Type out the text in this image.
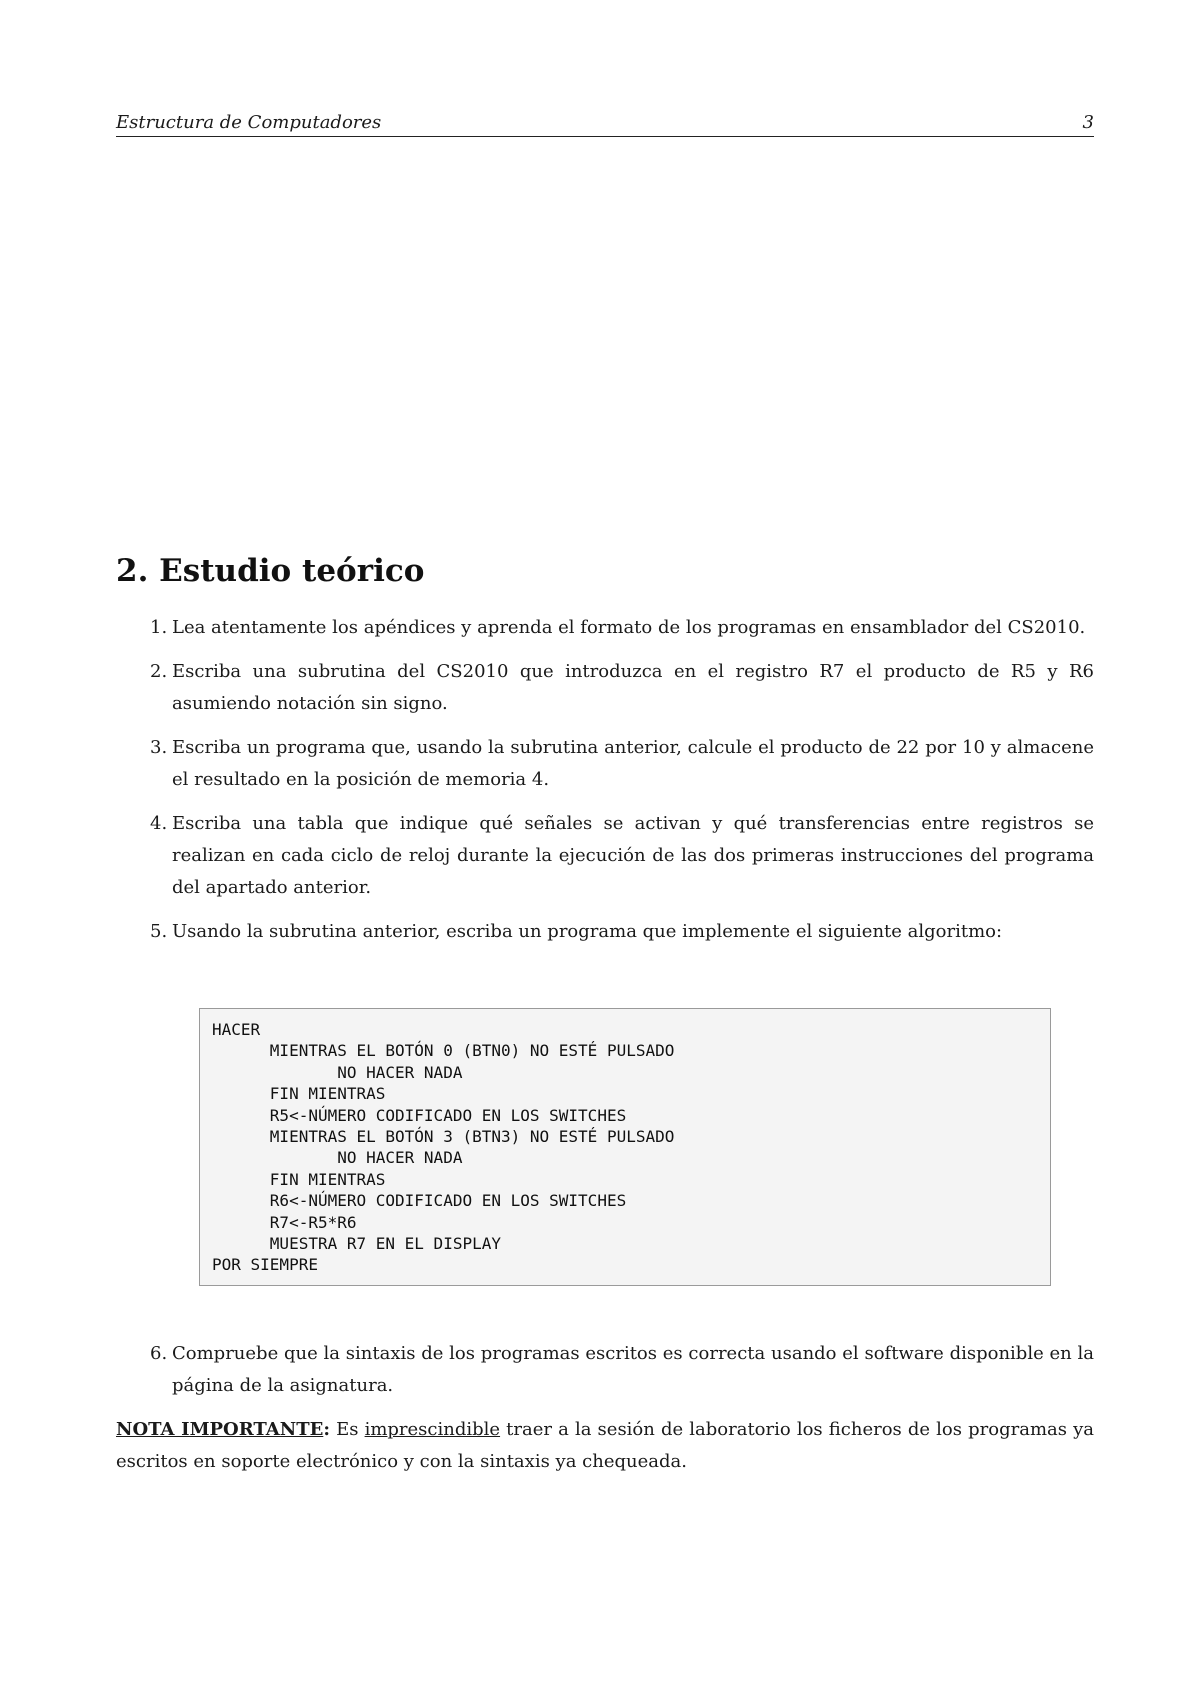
Estructura de Computadores	3
2. Estudio teórico
1. Lea atentamente los apéndices y aprenda el formato de los programas en ensamblador del CS2010.
2. Escriba una subrutina del CS2010 que introduzca en el registro R7 el producto de R5 y R6 asumiendo notación sin signo.
3. Escriba un programa que, usando la subrutina anterior, calcule el producto de 22 por 10 y almacene el resultado en la posición de memoria 4.
4. Escriba una tabla que indique qué señales se activan y qué transferencias entre registros se realizan en cada ciclo de reloj durante la ejecución de las dos primeras instrucciones del programa del apartado anterior.
5. Usando la subrutina anterior, escriba un programa que implemente el siguiente algoritmo:
HACER
MIENTRAS EL BOTÓN 0 (BTN0) NO ESTÉ PULSADO
NO HACER NADA
FIN MIENTRAS
R5<-NÚMERO CODIFICADO EN LOS SWITCHES
MIENTRAS EL BOTÓN 3 (BTN3) NO ESTÉ PULSADO
NO HACER NADA
FIN MIENTRAS
R6<-NÚMERO CODIFICADO EN LOS SWITCHES
R7<-R5*R6
MUESTRA R7 EN EL DISPLAY
POR SIEMPRE
6. Compruebe que la sintaxis de los programas escritos es correcta usando el software disponible en la página de la asignatura.

NOTA IMPORTANTE: Es imprescindible traer a la sesión de laboratorio los ficheros de los programas ya escritos en soporte electrónico y con la sintaxis ya chequeada.
